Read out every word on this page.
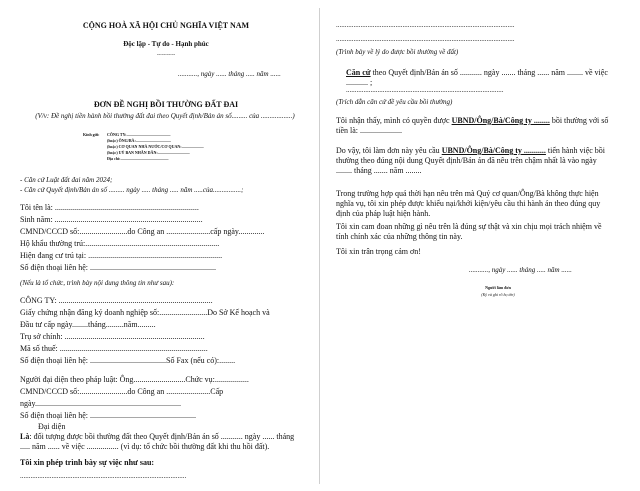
CỘNG HOÀ XÃ HỘI CHỦ NGHĨA VIỆT NAM
Độc lập - Tự do - Hạnh phúc
-----------
..........., ngày ...... tháng ..... năm ......
ĐƠN ĐỀ NGHỊ BỒI THƯỜNG ĐẤT ĐAI
(V/v: Đề nghị tiền hành bồi thường đất đai theo Quyết định/Bản án số......... của ..................)
Kính gửi: CÔNG TY:............................................
(hoặc) ÔNG/BÀ:...................................
(hoặc) CƠ QUAN NHÀ NƯỚC/CƠ QUAN:......................
(hoặc) UỶ BAN NHÂN DÂN:................................
Địa chỉ:................................................
- Căn cứ Luật đất đai năm 2024;
- Căn cứ Quyết định/Bản án số ......... ngày ..... tháng ..... năm .....của................;
Tôi tên là: ........................................................................
Sinh năm: ..........................................................................
CMND/CCCD số:........................do Công an ......................cấp ngày.............
Hộ khẩu thường trú:...................................................................
Hiện đang cư trú tại: ...................................................................
Số điện thoại liên hệ: ...............................................................
(Nếu là tổ chức, trình bày nội dung thông tin như sau):
CÔNG TY: .............................................................................
Giấy chứng nhận đăng ký doanh nghiệp số:........................Do Sở Kế hoạch và
Đầu tư cấp ngày........tháng.........năm.........
Trụ sở chính: ......................................................................
Mã số thuế: ..........................................................................
Số điện thoại liên hệ: ......................................Số Fax (nếu có):........
Người đại diện theo pháp luật: Ông..........................Chức vụ:.................
CMND/CCCD số:........................do Công an ......................Cấp
ngày.........................................................................
Số điện thoại liên hệ: .....................................................
Đại diện
Là: đối tượng được bồi thường đất theo Quyết định/Bản án số ........... ngày ...... tháng ..... năm ...... về việc ................ (vì dụ: tổ chức bồi thường đất khi thu hồi đất).
Tôi xin phép trình bày sự việc như sau:
...............................................................................................
......................................................................................................
......................................................................................................
(Trình bày về lý do được bồi thường về đất)
Căn cứ theo Quyết định/Bản án số ........... ngày ....... tháng ...... năm ........ về việc ........... ;
..........................................................................................
(Trích dẫn căn cứ đề yêu cầu bồi thường)
Tôi nhận thấy, mình có quyền được UBND/Ông/Bà/Công ty ........ bồi thường với số tiền là: .....................
Do vậy, tôi làm đơn này yêu cầu UBND/Ông/Bà/Công ty ........... tiến hành việc bồi thường theo đúng nội dung Quyết định/Bản án đã nêu trên chậm nhất là vào ngày ........ tháng ....... năm ........
Trong trường hợp quá thời hạn nêu trên mà Quý cơ quan/Ông/Bà không thực hiện nghĩa vụ, tôi xin phép được khiếu nại/khởi kiện/yêu cầu thi hành án theo đúng quy định của pháp luật hiện hành.
Tôi xin cam đoan những gì nêu trên là đúng sự thật và xin chịu mọi trách nhiệm về tính chính xác của những thông tin này.
Tôi xin trân trọng cảm ơn!
..........., ngày ...... tháng ..... năm ......
Người làm đơn
(Ký và ghi rõ họ tên)
